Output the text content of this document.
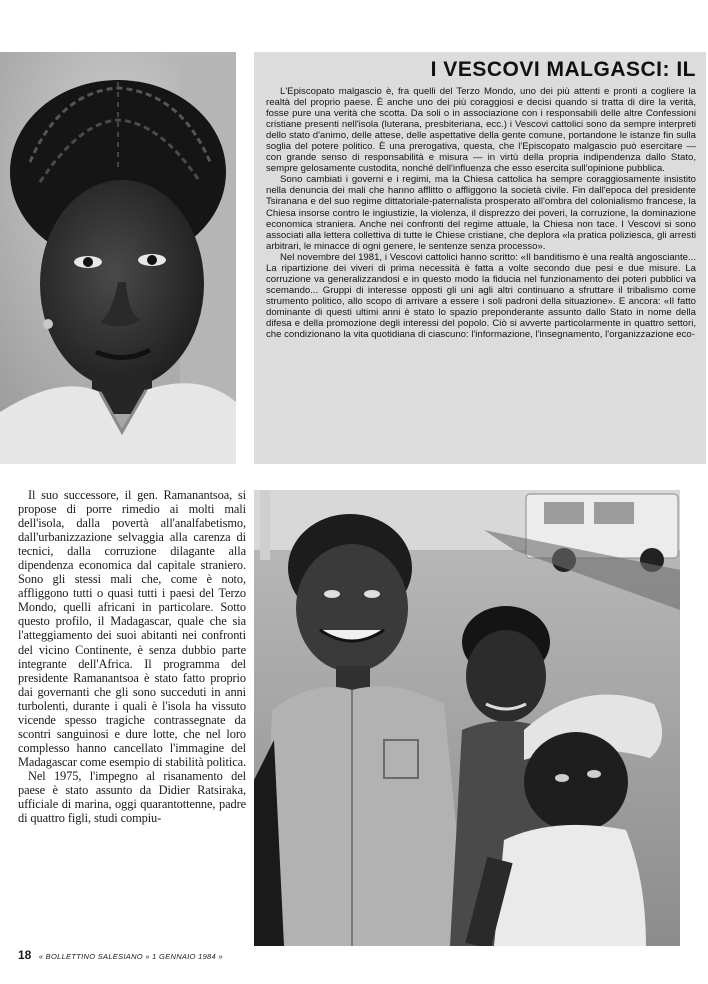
I VESCOVI MALGASCI: IL

L'Episcopato malgascio è, fra quelli del Terzo Mondo, uno dei più attenti e pronti a cogliere la realtà del proprio paese. È anche uno dei più coraggiosi e decisi quando si tratta di dire la verità, fosse pure una verità che scotta. Da soli o in associazione con i responsabili delle altre Confessioni cristiane presenti nell'isola (luterana, presbiteriana, ecc.) i Vescovi cattolici sono da sempre interpreti dello stato d'animo, delle attese, delle aspettative della gente comune, portandone le istanze fin sulla soglia del potere politico. È una prerogativa, questa, che l'Episcopato malgascio può esercitare — con grande senso di responsabilità e misura — in virtù della propria indipendenza dallo Stato, sempre gelosamente custodita, nonché dell'influenza che esso esercita sull'opinione pubblica.

Sono cambiati i governi e i regimi, ma la Chiesa cattolica ha sempre coraggiosamente insistito nella denuncia dei mali che hanno afflitto o affliggono la società civile. Fin dall'epoca del presidente Tsiranana e del suo regime dittatoriale-paternalista prosperato all'ombra del colonialismo francese, la Chiesa insorse contro le ingiustizie, la violenza, il disprezzo dei poveri, la corruzione, la dominazione economica straniera. Anche nei confronti del regime attuale, la Chiesa non tace. I Vescovi si sono associati alla lettera collettiva di tutte le Chiese cristiane, che deplora «la pratica poliziesca, gli arresti arbitrari, le minacce di ogni genere, le sentenze senza processo».

Nel novembre del 1981, i Vescovi cattolici hanno scritto: «Il banditismo è una realtà angosciante... La ripartizione dei viveri di prima necessità è fatta a volte secondo due pesi e due misure. La corruzione va generalizzandosi e in questo modo la fiducia nel funzionamento dei poteri pubblici va scemando... Gruppi di interesse opposti gli uni agli altri continuano a sfruttare il tribalismo come strumento politico, allo scopo di arrivare a essere i soli padroni della situazione». E ancora: «Il fatto dominante di questi ultimi anni è stato lo spazio preponderante assunto dallo Stato in nome della difesa e della promozione degli interessi del popolo. Ciò si avverte particolarmente in quattro settori, che condizionano la vita quotidiana di ciascuno: l'informazione, l'insegnamento, l'organizzazione eco-

Il suo successore, il gen. Ramanantsoa, si propose di porre rimedio ai molti mali dell'isola, dalla povertà all'analfabetismo, dall'urbanizzazione selvaggia alla carenza di tecnici, dalla corruzione dilagante alla dipendenza economica dal capitale straniero. Sono gli stessi mali che, come è noto, affliggono tutti o quasi tutti i paesi del Terzo Mondo, quelli africani in particolare. Sotto questo profilo, il Madagascar, quale che sia l'atteggiamento dei suoi abitanti nei confronti del vicino Continente, è senza dubbio parte integrante dell'Africa. Il programma del presidente Ramanantsoa è stato fatto proprio dai governanti che gli sono succeduti in anni turbolenti, durante i quali è l'isola ha vissuto vicende spesso tragiche contrassegnate da scontri sanguinosi e dure lotte, che nel loro complesso hanno cancellato l'immagine del Madagascar come esempio di stabilità politica.

Nel 1975, l'impegno al risanamento del paese è stato assunto da Didier Ratsiraka, ufficiale di marina, oggi quarantottenne, padre di quattro figli, studi compiu-

18 « BOLLETTINO SALESIANO » 1 GENNAIO 1984 »
